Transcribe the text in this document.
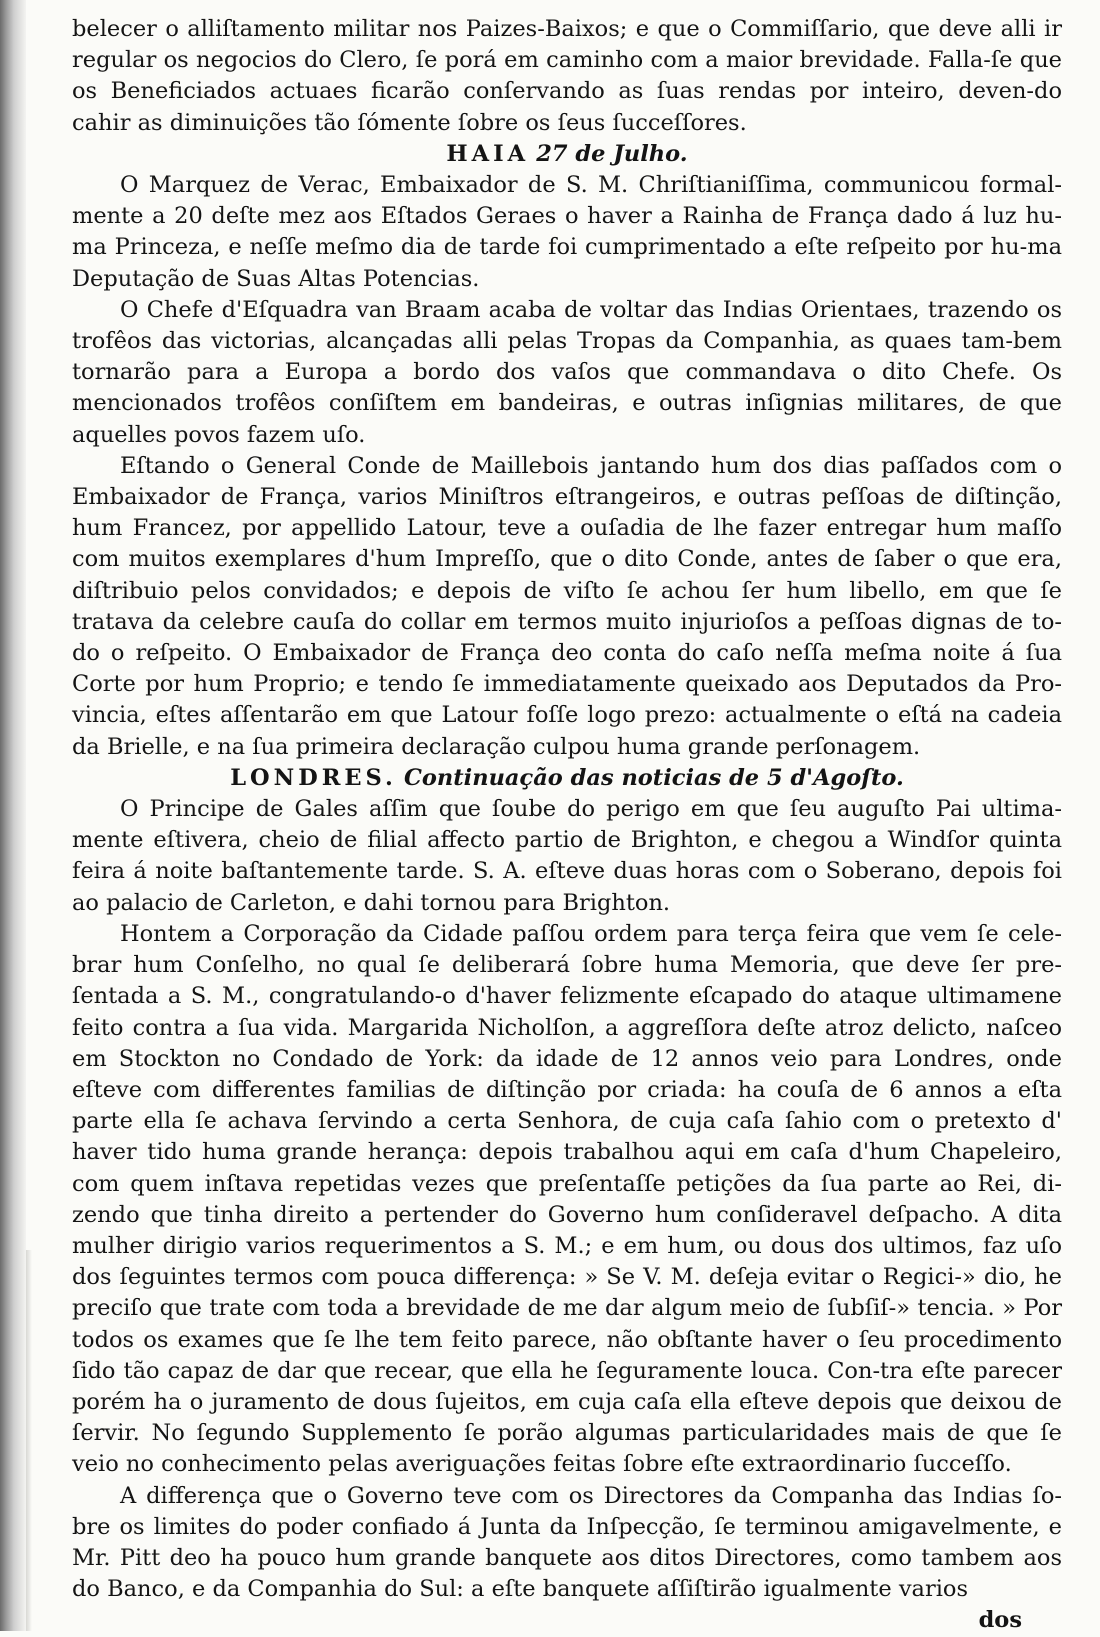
belecer o alliſtamento militar nos Paizes-Baixos; e que o Commiſſario, que deve alli ir regular os negocios do Clero, ſe porá em caminho com a maior brevidade. Falla-ſe que os Beneficiados actuaes ficarão conſervando as ſuas rendas por inteiro, deven-do cahir as diminuições tão ſómente ſobre os ſeus ſucceſſores.

HAIA 27 de Julho.

O Marquez de Verac, Embaixador de S. M. Chriſtianiſſima, communicou formal-mente a 20 deſte mez aos Eſtados Geraes o haver a Rainha de França dado á luz hu-ma Princeza, e neſſe meſmo dia de tarde foi cumprimentado a eſte reſpeito por hu-ma Deputação de Suas Altas Potencias.

O Chefe d'Eſquadra van Braam acaba de voltar das Indias Orientaes, trazendo os trofêos das victorias, alcançadas alli pelas Tropas da Companhia, as quaes tam-bem tornarão para a Europa a bordo dos vaſos que commandava o dito Chefe. Os mencionados trofêos conſiſtem em bandeiras, e outras inſignias militares, de que aquelles povos fazem uſo.

Eſtando o General Conde de Maillebois jantando hum dos dias paſſados com o Embaixador de França, varios Miniſtros eſtrangeiros, e outras peſſoas de diſtinção, hum Francez, por appellido Latour, teve a ouſadia de lhe fazer entregar hum maſſo com muitos exemplares d'hum Impreſſo, que o dito Conde, antes de ſaber o que era, diſtribuio pelos convidados; e depois de viſto ſe achou ſer hum libello, em que ſe tratava da celebre cauſa do collar em termos muito injurioſos a peſſoas dignas de to-do o reſpeito. O Embaixador de França deo conta do caſo neſſa meſma noite á ſua Corte por hum Proprio; e tendo ſe immediatamente queixado aos Deputados da Pro-vincia, eſtes aſſentarão em que Latour foſſe logo prezo: actualmente o eſtá na cadeia da Brielle, e na ſua primeira declaração culpou huma grande perſonagem.

LONDRES. Continuação das noticias de 5 d'Agoſto.

O Principe de Gales aſſim que ſoube do perigo em que ſeu auguſto Pai ultima-mente eſtivera, cheio de filial affecto partio de Brighton, e chegou a Windſor quinta feira á noite baſtantemente tarde. S. A. eſteve duas horas com o Soberano, depois foi ao palacio de Carleton, e dahi tornou para Brighton.

Hontem a Corporação da Cidade paſſou ordem para terça feira que vem ſe cele-brar hum Conſelho, no qual ſe deliberará ſobre huma Memoria, que deve ſer pre-ſentada a S. M., congratulando-o d'haver felizmente eſcapado do ataque ultimamene feito contra a ſua vida. Margarida Nicholſon, a aggreſſora deſte atroz delicto, naſceo em Stockton no Condado de York: da idade de 12 annos veio para Londres, onde eſteve com differentes familias de diſtinção por criada: ha couſa de 6 annos a eſta parte ella ſe achava ſervindo a certa Senhora, de cuja caſa ſahio com o pretexto d' haver tido huma grande herança: depois trabalhou aqui em caſa d'hum Chapeleiro, com quem inſtava repetidas vezes que preſentaſſe petições da ſua parte ao Rei, di-zendo que tinha direito a pertender do Governo hum conſideravel deſpacho. A dita mulher dirigio varios requerimentos a S. M.; e em hum, ou dous dos ultimos, faz uſo dos ſeguintes termos com pouca differença: » Se V. M. deſeja evitar o Regici-» dio, he preciſo que trate com toda a brevidade de me dar algum meio de ſubſiſ-» tencia. » Por todos os exames que ſe lhe tem feito parece, não obſtante haver o ſeu procedimento ſido tão capaz de dar que recear, que ella he ſeguramente louca. Con-tra eſte parecer porém ha o juramento de dous ſujeitos, em cuja caſa ella eſteve depois que deixou de ſervir. No ſegundo Supplemento ſe porão algumas particularidades mais de que ſe veio no conhecimento pelas averiguações feitas ſobre eſte extraordinario ſucceſſo.

A differença que o Governo teve com os Directores da Companha das Indias ſo-bre os limites do poder confiado á Junta da Inſpecção, ſe terminou amigavelmente, e Mr. Pitt deo ha pouco hum grande banquete aos ditos Directores, como tambem aos do Banco, e da Companhia do Sul: a eſte banquete aſſiſtirão igualmente varios

dos
